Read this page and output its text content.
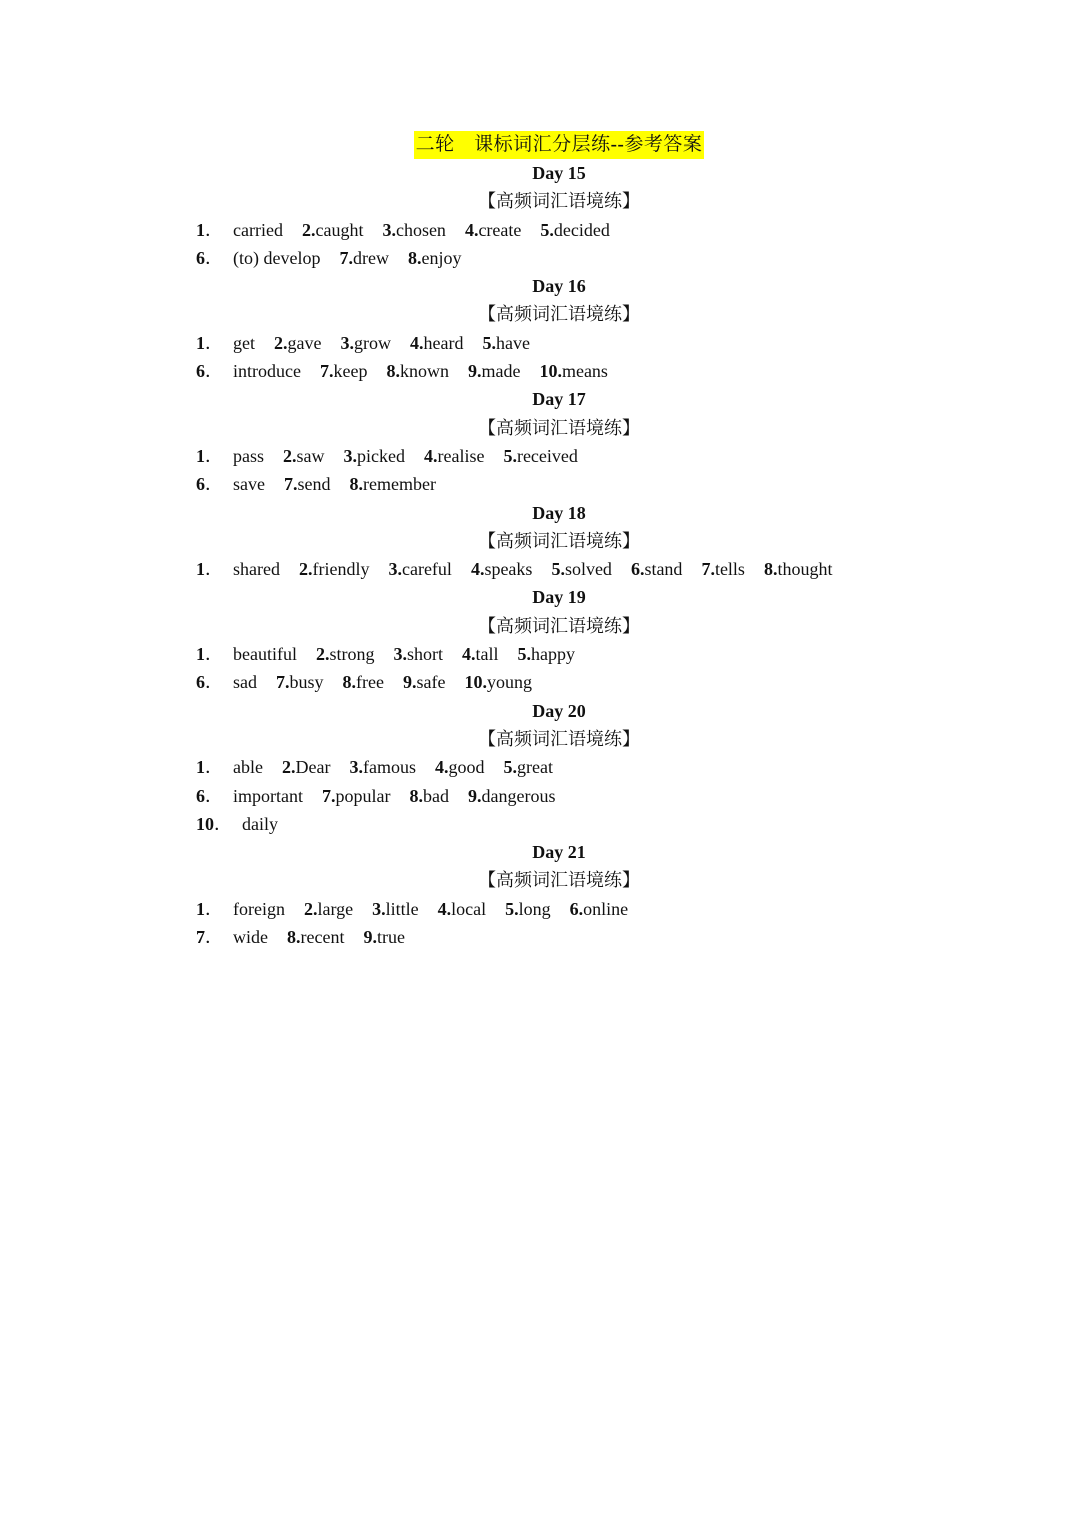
二轮　课标词汇分层练--参考答案
Day 15
【高频词汇语境练】
1． carried 2.caught 3.chosen 4.create 5.decided
6． (to) develop 7.drew 8.enjoy
Day 16
【高频词汇语境练】
1． get 2.gave 3.grow 4.heard 5.have
6． introduce 7.keep 8.known 9.made 10.means
Day 17
【高频词汇语境练】
1． pass 2.saw 3.picked 4.realise 5.received
6． save 7.send 8.remember
Day 18
【高频词汇语境练】
1． shared 2.friendly 3.careful 4.speaks 5.solved 6.stand 7.tells 8.thought
Day 19
【高频词汇语境练】
1． beautiful 2.strong 3.short 4.tall 5.happy
6． sad 7.busy 8.free 9.safe 10.young
Day 20
【高频词汇语境练】
1． able 2.Dear 3.famous 4.good 5.great
6． important 7.popular 8.bad 9.dangerous
10． daily
Day 21
【高频词汇语境练】
1． foreign 2.large 3.little 4.local 5.long 6.online
7． wide 8.recent 9.true
